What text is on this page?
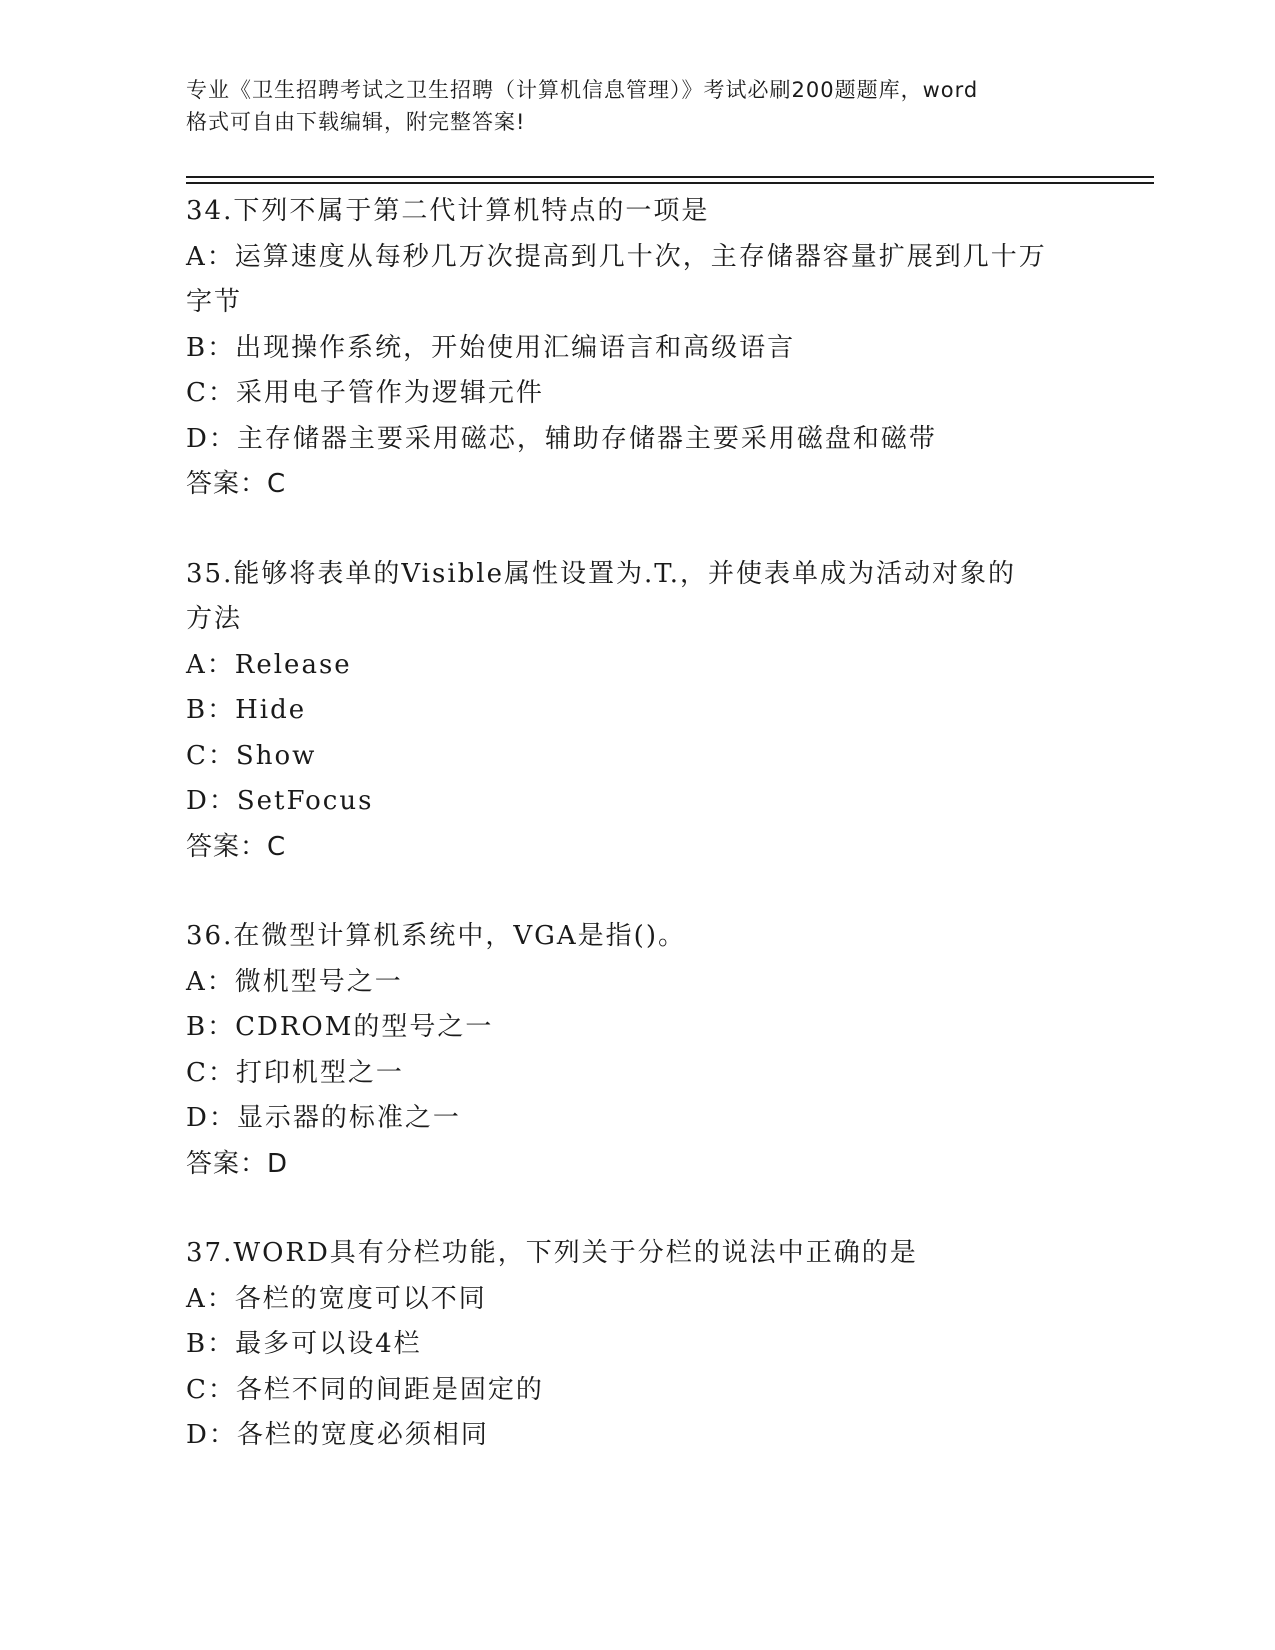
专业《卫生招聘考试之卫生招聘（计算机信息管理）》考试必刷200题题库，word
格式可自由下载编辑，附完整答案!
34.下列不属于第二代计算机特点的一项是
A：运算速度从每秒几万次提高到几十次，主存储器容量扩展到几十万
字节
B：出现操作系统，开始使用汇编语言和高级语言
C：采用电子管作为逻辑元件
D：主存储器主要采用磁芯，辅助存储器主要采用磁盘和磁带
答案：C
35.能够将表单的Visible属性设置为.T.，并使表单成为活动对象的
方法
A：Release
B：Hide
C：Show
D：SetFocus
答案：C
36.在微型计算机系统中，VGA是指()。
A：微机型号之一
B：CDROM的型号之一
C：打印机型之一
D：显示器的标准之一
答案：D
37.WORD具有分栏功能，下列关于分栏的说法中正确的是
A：各栏的宽度可以不同
B：最多可以设4栏
C：各栏不同的间距是固定的
D：各栏的宽度必须相同
